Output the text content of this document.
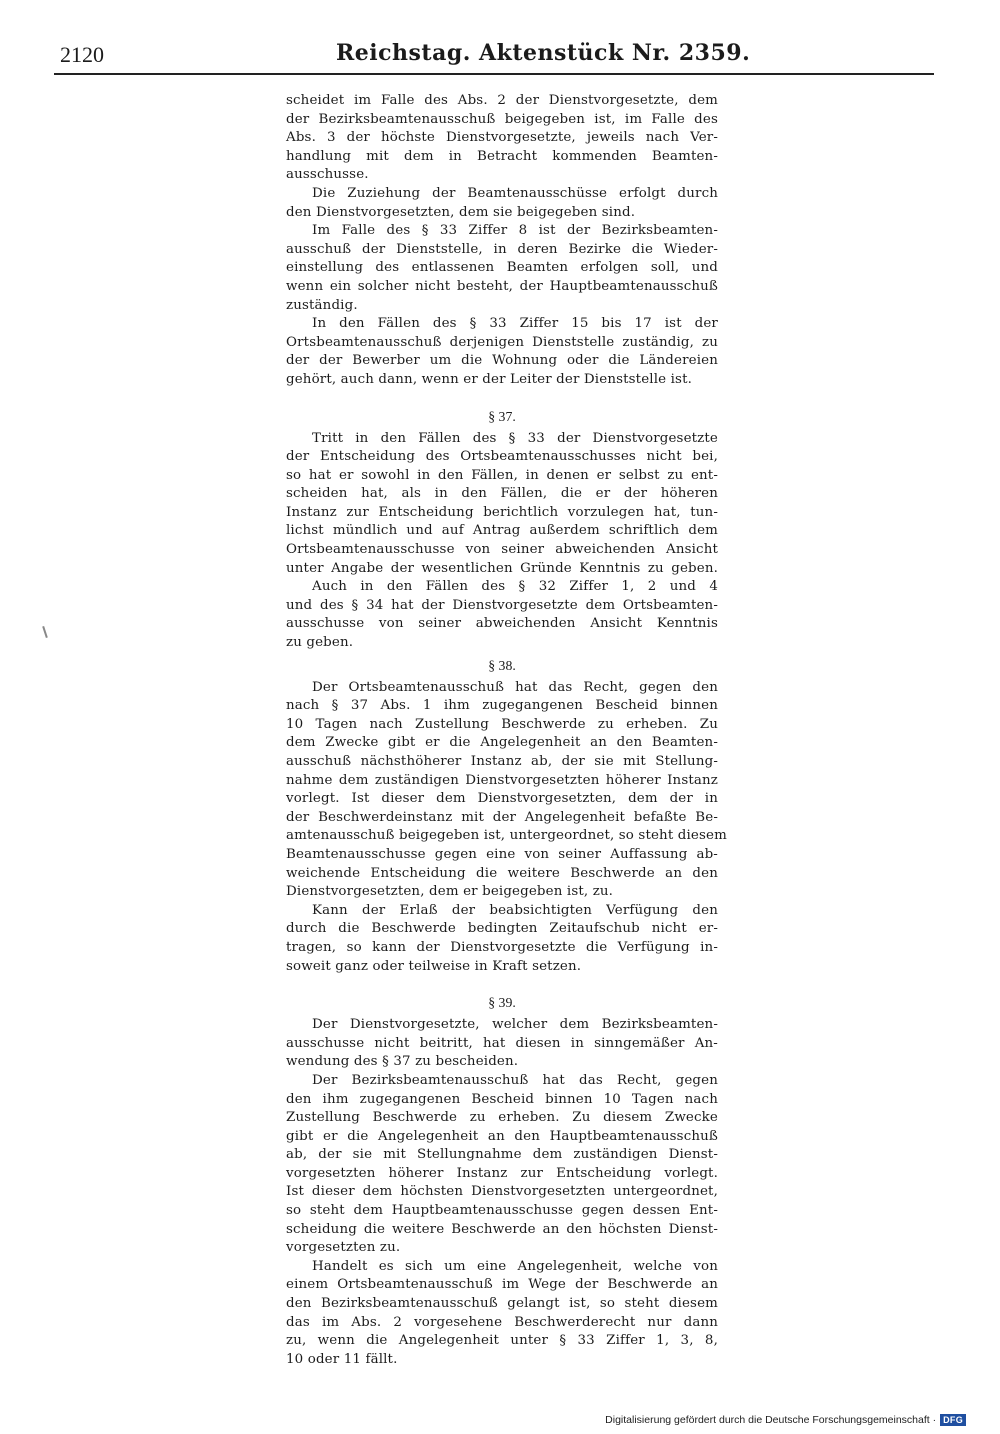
2120	Reichstag. Aktenstück Nr. 2359.
scheidet im Falle des Abs. 2 der Dienstvorgesetzte, dem
der Bezirksbeamtenausschuß beigegeben ist, im Falle des
Abs. 3 der höchste Dienstvorgesetzte, jeweils nach Ver-
handlung mit dem in Betracht kommenden Beamten-
ausschusse.
Die Zuziehung der Beamtenausschüsse erfolgt durch
den Dienstvorgesetzten, dem sie beigegeben sind.
Im Falle des § 33 Ziffer 8 ist der Bezirksbeamten-
ausschuß der Dienststelle, in deren Bezirke die Wieder-
einstellung des entlassenen Beamten erfolgen soll, und
wenn ein solcher nicht besteht, der Hauptbeamtenausschuß
zuständig.
In den Fällen des § 33 Ziffer 15 bis 17 ist der
Ortsbeamtenausschuß derjenigen Dienststelle zuständig, zu
der der Bewerber um die Wohnung oder die Ländereien
gehört, auch dann, wenn er der Leiter der Dienststelle ist.
§ 37.
Tritt in den Fällen des § 33 der Dienstvorgesetzte
der Entscheidung des Ortsbeamtenausschusses nicht bei,
so hat er sowohl in den Fällen, in denen er selbst zu ent-
scheiden hat, als in den Fällen, die er der höheren
Instanz zur Entscheidung berichtlich vorzulegen hat, tun-
lichst mündlich und auf Antrag außerdem schriftlich dem
Ortsbeamtenausschusse von seiner abweichenden Ansicht
unter Angabe der wesentlichen Gründe Kenntnis zu geben.
Auch in den Fällen des § 32 Ziffer 1, 2 und 4
und des § 34 hat der Dienstvorgesetzte dem Ortsbeamten-
ausschusse von seiner abweichenden Ansicht Kenntnis
zu geben.
§ 38.
Der Ortsbeamtenausschuß hat das Recht, gegen den
nach § 37 Abs. 1 ihm zugegangenen Bescheid binnen
10 Tagen nach Zustellung Beschwerde zu erheben. Zu
dem Zwecke gibt er die Angelegenheit an den Beamten-
ausschuß nächsthöherer Instanz ab, der sie mit Stellung-
nahme dem zuständigen Dienstvorgesetzten höherer Instanz
vorlegt. Ist dieser dem Dienstvorgesetzten, dem der in
der Beschwerdeinstanz mit der Angelegenheit befaßte Be-
amtenausschuß beigegeben ist, untergeordnet, so steht diesem
Beamtenausschusse gegen eine von seiner Auffassung ab-
weichende Entscheidung die weitere Beschwerde an den
Dienstvorgesetzten, dem er beigegeben ist, zu.
Kann der Erlaß der beabsichtigten Verfügung den
durch die Beschwerde bedingten Zeitaufschub nicht er-
tragen, so kann der Dienstvorgesetzte die Verfügung in-
soweit ganz oder teilweise in Kraft setzen.
§ 39.
Der Dienstvorgesetzte, welcher dem Bezirksbeamten-
ausschusse nicht beitritt, hat diesen in sinngemäßer An-
wendung des § 37 zu bescheiden.
Der Bezirksbeamtenausschuß hat das Recht, gegen
den ihm zugegangenen Bescheid binnen 10 Tagen nach
Zustellung Beschwerde zu erheben. Zu diesem Zwecke
gibt er die Angelegenheit an den Hauptbeamtenausschuß
ab, der sie mit Stellungnahme dem zuständigen Dienst-
vorgesetzten höherer Instanz zur Entscheidung vorlegt.
Ist dieser dem höchsten Dienstvorgesetzten untergeordnet,
so steht dem Hauptbeamtenausschusse gegen dessen Ent-
scheidung die weitere Beschwerde an den höchsten Dienst-
vorgesetzten zu.
Handelt es sich um eine Angelegenheit, welche von
einem Ortsbeamtenausschuß im Wege der Beschwerde an
den Bezirksbeamtenausschuß gelangt ist, so steht diesem
das im Abs. 2 vorgesehene Beschwerderecht nur dann
zu, wenn die Angelegenheit unter § 33 Ziffer 1, 3, 8,
10 oder 11 fällt.
Digitalisierung gefördert durch die Deutsche Forschungsgemeinschaft · DFG
